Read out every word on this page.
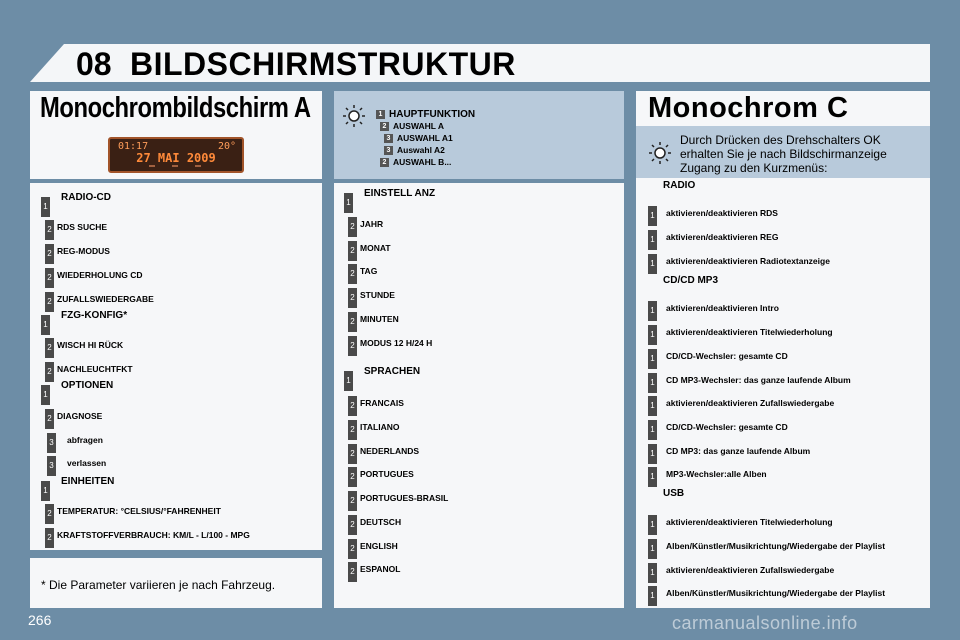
08 BILDSCHIRMSTRUKTUR
Monochrombildschirm A
01:17	20°
27 MAI 2009
1
RADIO-CD
2 RDS SUCHE
2 REG-MODUS
2 WIEDERHOLUNG CD
2 ZUFALLSWIEDERGABE
1
FZG-KONFIG*
2 WISCH HI RÜCK
2 NACHLEUCHTFKT
1
OPTIONEN
2 DIAGNOSE
3 abfragen
3 verlassen
1
EINHEITEN
2 TEMPERATUR: °CELSIUS/°FAHRENHEIT
2 KRAFTSTOFFVERBRAUCH: KM/L - L/100 - MPG
* Die Parameter variieren je nach Fahrzeug.
1 HAUPTFUNKTION
2 AUSWAHL A
3 AUSWAHL A1
3 Auswahl A2
2 AUSWAHL B...
1
EINSTELL ANZ
2 JAHR
2 MONAT
2 TAG
2 STUNDE
2 MINUTEN
2 MODUS 12 H/24 H
1
SPRACHEN
2 FRANCAIS
2 ITALIANO
2 NEDERLANDS
2 PORTUGUES
2 PORTUGUES-BRASIL
2 DEUTSCH
2 ENGLISH
2 ESPANOL
Monochrom C
Durch Drücken des Drehschalters OK erhalten Sie je nach Bildschirmanzeige Zugang zu den Kurzmenüs:
RADIO
1 aktivieren/deaktivieren RDS
1 aktivieren/deaktivieren REG
1 aktivieren/deaktivieren Radiotextanzeige
CD/CD MP3
1 aktivieren/deaktivieren Intro
1 aktivieren/deaktivieren Titelwiederholung
1 CD/CD-Wechsler: gesamte CD
1 CD MP3-Wechsler: das ganze laufende Album
1 aktivieren/deaktivieren Zufallswiedergabe
1 CD/CD-Wechsler: gesamte CD
1 CD MP3: das ganze laufende Album
1 MP3-Wechsler:alle Alben
USB
1 aktivieren/deaktivieren Titelwiederholung
1 Alben/Künstler/Musikrichtung/Wiedergabe der Playlist
1 aktivieren/deaktivieren Zufallswiedergabe
1 Alben/Künstler/Musikrichtung/Wiedergabe der Playlist
266	carmanualsonline.info
